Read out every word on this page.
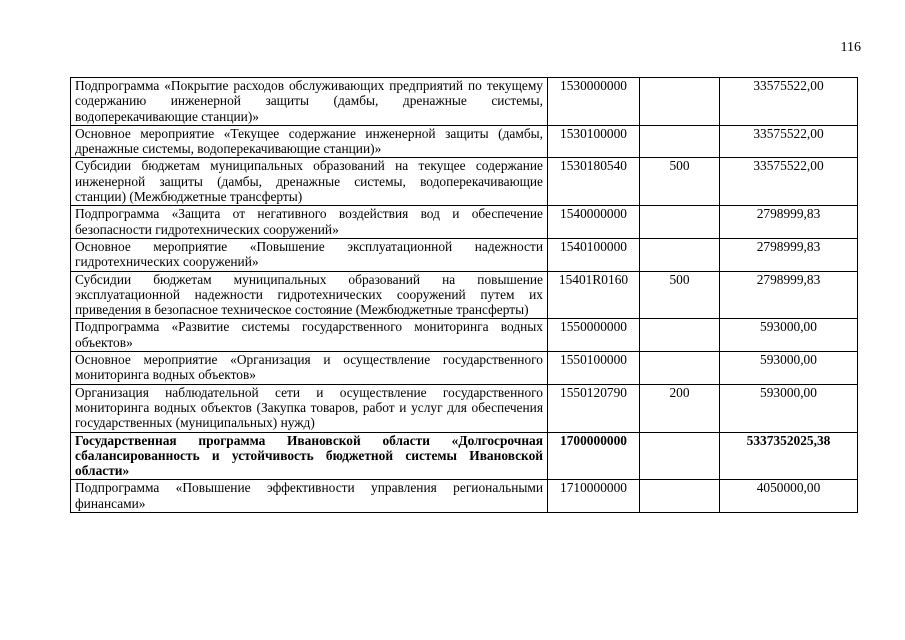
116
Подпрограмма «Покрытие расходов обслуживающих предприятий по текущему содержанию инженерной защиты (дамбы, дренажные системы, водоперекачивающие станции)»	1530000000		33575522,00
Основное мероприятие «Текущее содержание инженерной защиты (дамбы, дренажные системы, водоперекачивающие станции)»	1530100000		33575522,00
Субсидии бюджетам муниципальных образований на текущее содержание инженерной защиты (дамбы, дренажные системы, водоперекачивающие станции) (Межбюджетные трансферты)	1530180540	500	33575522,00
Подпрограмма «Защита от негативного воздействия вод и обеспечение безопасности гидротехнических сооружений»	1540000000		2798999,83
Основное мероприятие «Повышение эксплуатационной надежности гидротехнических сооружений»	1540100000		2798999,83
Субсидии бюджетам муниципальных образований на повышение эксплуатационной надежности гидротехнических сооружений путем их приведения в безопасное техническое состояние (Межбюджетные трансферты)	15401R0160	500	2798999,83
Подпрограмма «Развитие системы государственного мониторинга водных объектов»	1550000000		593000,00
Основное мероприятие «Организация и осуществление государственного мониторинга водных объектов»	1550100000		593000,00
Организация наблюдательной сети и осуществление государственного мониторинга водных объектов (Закупка товаров, работ и услуг для обеспечения государственных (муниципальных) нужд)	1550120790	200	593000,00
Государственная программа Ивановской области «Долгосрочная сбалансированность и устойчивость бюджетной системы Ивановской области»	1700000000		5337352025,38
Подпрограмма «Повышение эффективности управления региональными финансами»	1710000000		4050000,00
